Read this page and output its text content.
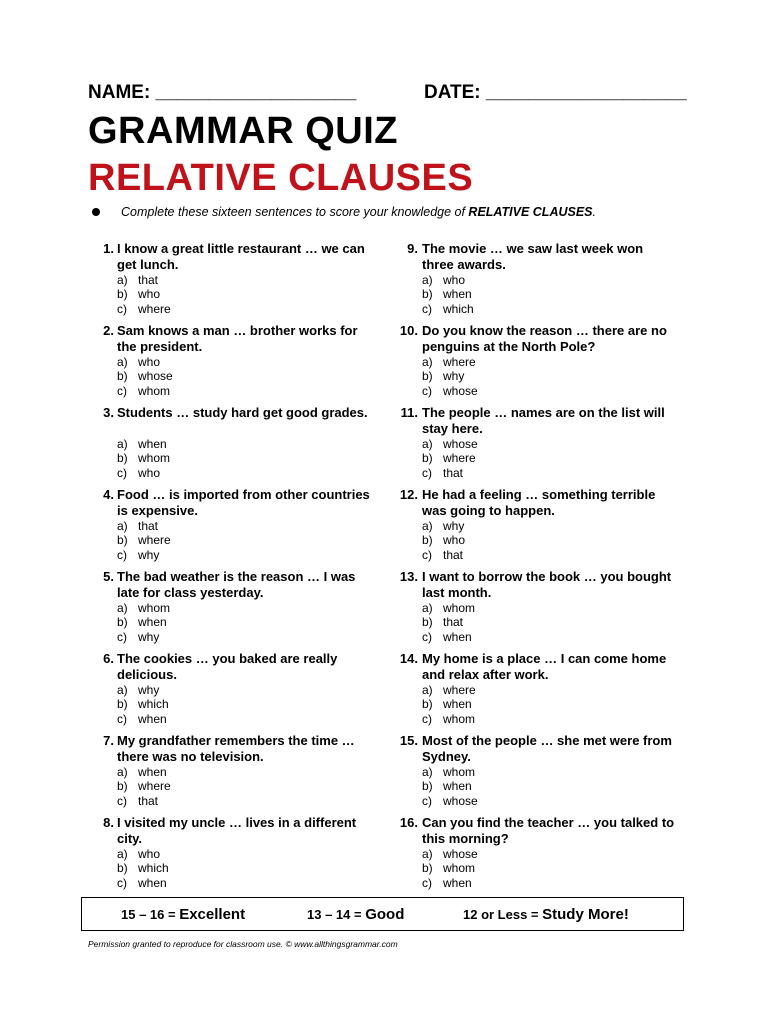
NAME: ___________________	DATE: ___________________
GRAMMAR QUIZ
RELATIVE CLAUSES
Complete these sixteen sentences to score your knowledge of RELATIVE CLAUSES.
1. I know a great little restaurant … we can get lunch.
a) that
b) who
c) where
2. Sam knows a man … brother works for the president.
a) who
b) whose
c) whom
3. Students … study hard get good grades.
a) when
b) whom
c) who
4. Food … is imported from other countries is expensive.
a) that
b) where
c) why
5. The bad weather is the reason … I was late for class yesterday.
a) whom
b) when
c) why
6. The cookies … you baked are really delicious.
a) why
b) which
c) when
7. My grandfather remembers the time … there was no television.
a) when
b) where
c) that
8. I visited my uncle … lives in a different city.
a) who
b) which
c) when
9. The movie … we saw last week won three awards.
a) who
b) when
c) which
10. Do you know the reason … there are no penguins at the North Pole?
a) where
b) why
c) whose
11. The people … names are on the list will stay here.
a) whose
b) where
c) that
12. He had a feeling … something terrible was going to happen.
a) why
b) who
c) that
13. I want to borrow the book … you bought last month.
a) whom
b) that
c) when
14. My home is a place … I can come home and relax after work.
a) where
b) when
c) whom
15. Most of the people … she met were from Sydney.
a) whom
b) when
c) whose
16. Can you find the teacher … you talked to this morning?
a) whose
b) whom
c) when
15 – 16 = Excellent	13 – 14 = Good	12 or Less = Study More!
Permission granted to reproduce for classroom use. © www.allthingsgrammar.com
